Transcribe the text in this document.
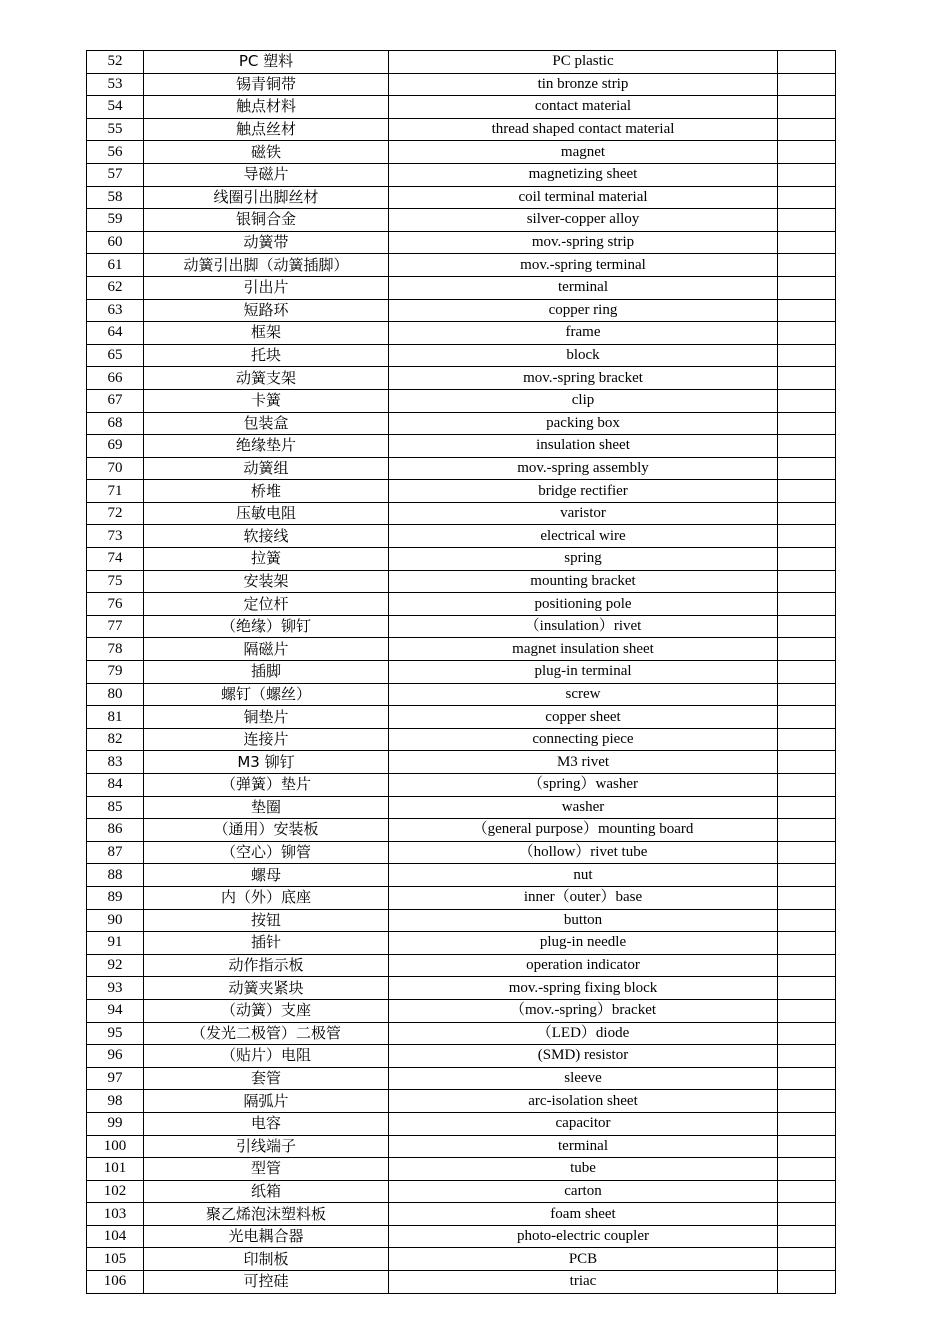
52	PC 塑料	PC plastic	
53	锡青铜带	tin bronze strip	
54	触点材料	contact material	
55	触点丝材	thread shaped contact material	
56	磁铁	magnet	
57	导磁片	magnetizing sheet	
58	线圈引出脚丝材	coil terminal material	
59	银铜合金	silver-copper alloy	
60	动簧带	mov.-spring strip	
61	动簧引出脚（动簧插脚）	mov.-spring terminal	
62	引出片	terminal	
63	短路环	copper ring	
64	框架	frame	
65	托块	block	
66	动簧支架	mov.-spring bracket	
67	卡簧	clip	
68	包装盒	packing box	
69	绝缘垫片	insulation sheet	
70	动簧组	mov.-spring assembly	
71	桥堆	bridge rectifier	
72	压敏电阻	varistor	
73	软接线	electrical wire	
74	拉簧	spring	
75	安装架	mounting bracket	
76	定位杆	positioning pole	
77	（绝缘）铆钉	（insulation）rivet	
78	隔磁片	magnet insulation sheet	
79	插脚	plug-in terminal	
80	螺钉（螺丝）	screw	
81	铜垫片	copper sheet	
82	连接片	connecting piece	
83	M3 铆钉	M3 rivet	
84	（弹簧）垫片	（spring）washer	
85	垫圈	washer	
86	（通用）安装板	（general purpose）mounting board	
87	（空心）铆管	（hollow）rivet tube	
88	螺母	nut	
89	内（外）底座	inner（outer）base	
90	按钮	button	
91	插针	plug-in needle	
92	动作指示板	operation indicator	
93	动簧夹紧块	mov.-spring fixing block	
94	（动簧）支座	（mov.-spring）bracket	
95	（发光二极管）二极管	（LED）diode	
96	（贴片）电阻	(SMD) resistor	
97	套管	sleeve	
98	隔弧片	arc-isolation sheet	
99	电容	capacitor	
100	引线端子	terminal	
101	型管	tube	
102	纸箱	carton	
103	聚乙烯泡沫塑料板	foam sheet	
104	光电耦合器	photo-electric coupler	
105	印制板	PCB	
106	可控硅	triac	
